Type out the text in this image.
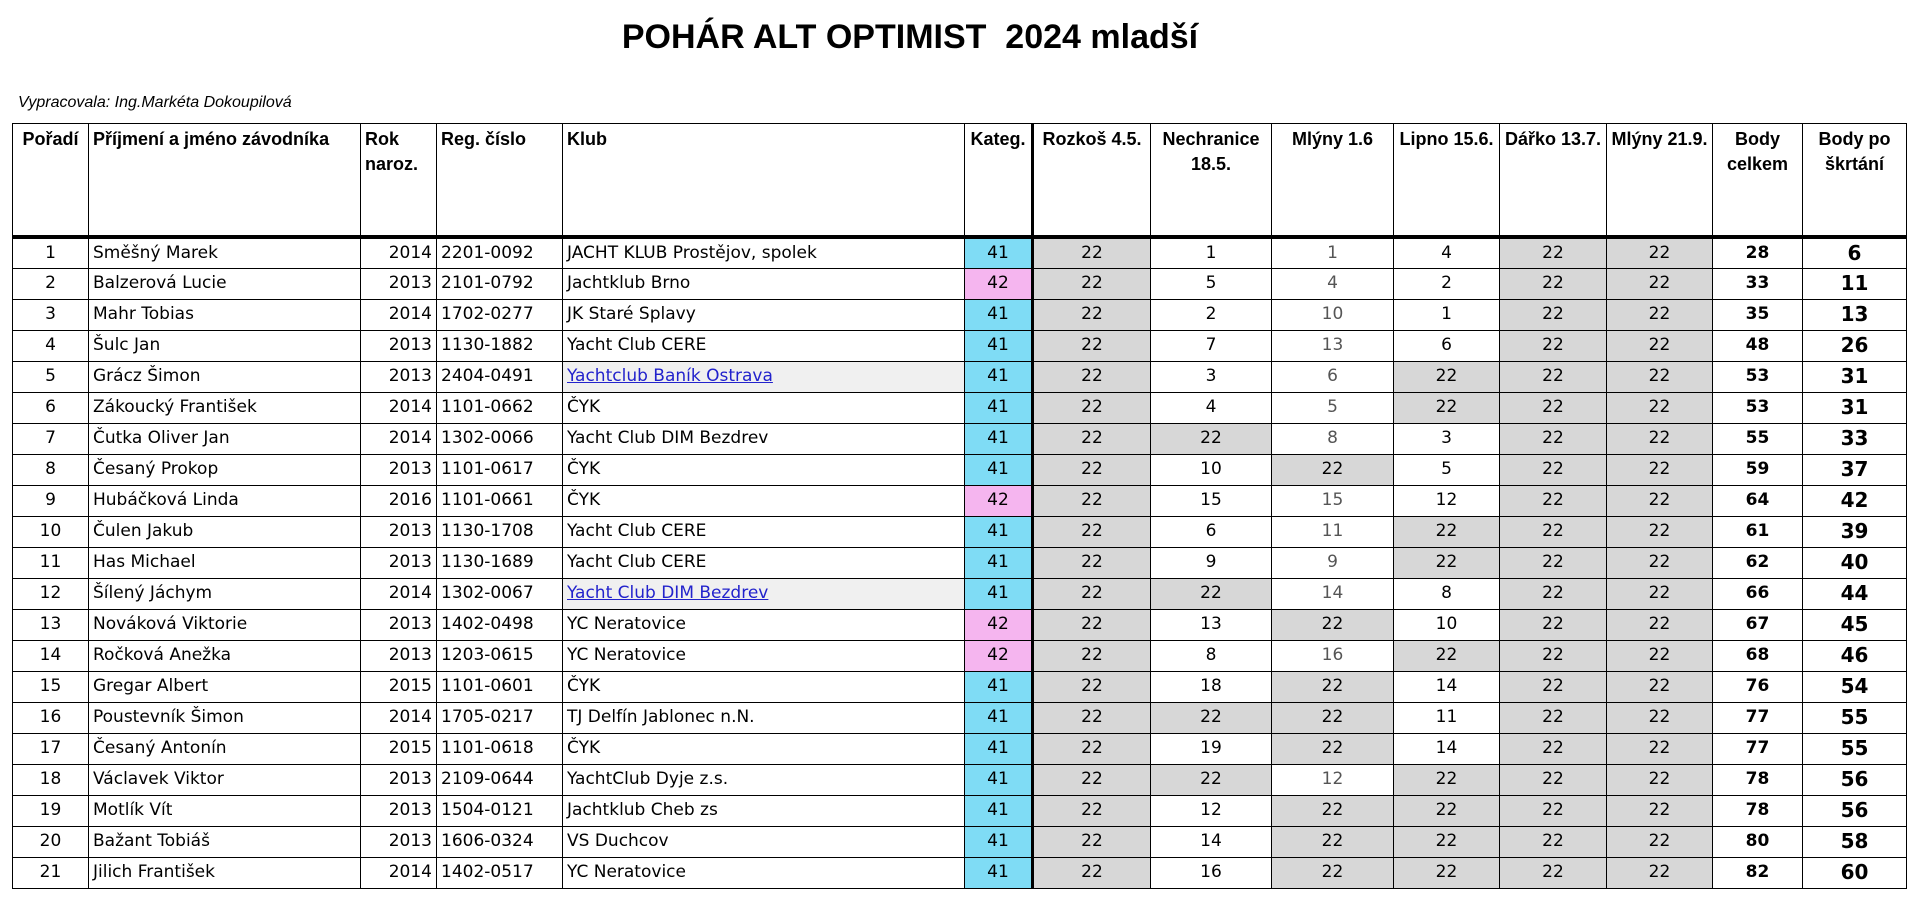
POHÁR ALT OPTIMIST  2024 mladší
Vypracovala: Ing.Markéta Dokoupilová
Pořadí	Příjmení a jméno závodníka	Rok naroz.	Reg. číslo	Klub	Kateg.	Rozkoš 4.5.	Nechranice 18.5.	Mlýny 1.6	Lipno 15.6.	Dářko 13.7.	Mlýny 21.9.	Body celkem	Body po škrtání
1	Směšný Marek	2014	2201-0092	JACHT KLUB Prostějov, spolek	41	22	1	1	4	22	22	28	6
2	Balzerová Lucie	2013	2101-0792	Jachtklub Brno	42	22	5	4	2	22	22	33	11
3	Mahr Tobias	2014	1702-0277	JK Staré Splavy	41	22	2	10	1	22	22	35	13
4	Šulc Jan	2013	1130-1882	Yacht Club CERE	41	22	7	13	6	22	22	48	26
5	Grácz Šimon	2013	2404-0491	Yachtclub Baník Ostrava	41	22	3	6	22	22	22	53	31
6	Zákoucký František	2014	1101-0662	ČYK	41	22	4	5	22	22	22	53	31
7	Čutka Oliver Jan	2014	1302-0066	Yacht Club DIM Bezdrev	41	22	22	8	3	22	22	55	33
8	Česaný Prokop	2013	1101-0617	ČYK	41	22	10	22	5	22	22	59	37
9	Hubáčková Linda	2016	1101-0661	ČYK	42	22	15	15	12	22	22	64	42
10	Čulen Jakub	2013	1130-1708	Yacht Club CERE	41	22	6	11	22	22	22	61	39
11	Has Michael	2013	1130-1689	Yacht Club CERE	41	22	9	9	22	22	22	62	40
12	Šílený Jáchym	2014	1302-0067	Yacht Club DIM Bezdrev	41	22	22	14	8	22	22	66	44
13	Nováková Viktorie	2013	1402-0498	YC Neratovice	42	22	13	22	10	22	22	67	45
14	Ročková Anežka	2013	1203-0615	YC Neratovice	42	22	8	16	22	22	22	68	46
15	Gregar Albert	2015	1101-0601	ČYK	41	22	18	22	14	22	22	76	54
16	Poustevník Šimon	2014	1705-0217	TJ Delfín Jablonec n.N.	41	22	22	22	11	22	22	77	55
17	Česaný Antonín	2015	1101-0618	ČYK	41	22	19	22	14	22	22	77	55
18	Václavek Viktor	2013	2109-0644	YachtClub Dyje z.s.	41	22	22	12	22	22	22	78	56
19	Motlík Vít	2013	1504-0121	Jachtklub Cheb zs	41	22	12	22	22	22	22	78	56
20	Bažant Tobiáš	2013	1606-0324	VS Duchcov	41	22	14	22	22	22	22	80	58
21	Jilich František	2014	1402-0517	YC Neratovice	41	22	16	22	22	22	22	82	60
